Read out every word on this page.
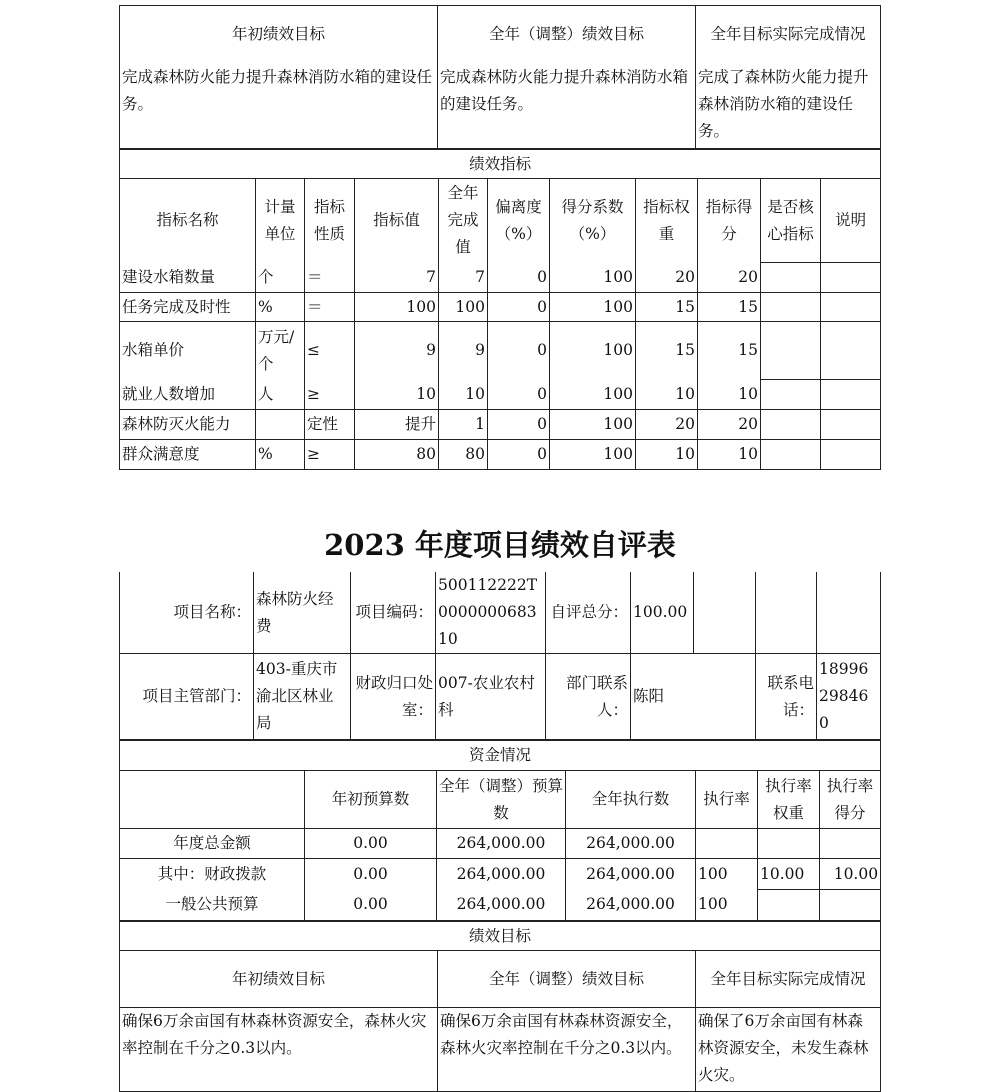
年初绩效目标	全年（调整）绩效目标	全年目标实际完成情况
完成森林防火能力提升森林消防水箱的建设任务。	完成森林防火能力提升森林消防水箱的建设任务。	完成了森林防火能力提升森林消防水箱的建设任务。
绩效指标										
指标名称	计量单位	指标性质	指标值	全年完成值	偏离度（%）	得分系数（%）	指标权重	指标得分	是否核心指标	说明
建设水箱数量	个	＝	7	7	0	100	20	20		
任务完成及时性	%	＝	100	100	0	100	15	15		
水箱单价	万元/个	≤	9	9	0	100	15	15		
就业人数增加	人	≥	10	10	0	100	10	10		
森林防灭火能力		定性	提升	1	0	100	20	20		
群众满意度	%	≥	80	80	0	100	10	10		
2023 年度项目绩效自评表
项目名称：	森林防火经费	项目编码：	500112222T000000068310	自评总分：	100.00			
项目主管部门：	403-重庆市渝北区林业局	财政归口处室：	007-农业农村科	部门联系人：	陈阳		联系电话：	18996298460
资金情况						
	年初预算数	全年（调整）预算数	全年执行数	执行率	执行率权重	执行率得分
年度总金额	0.00	264,000.00	264,000.00			
其中：财政拨款	0.00	264,000.00	264,000.00	100	10.00	10.00
一般公共预算	0.00	264,000.00	264,000.00	100		
绩效目标		
年初绩效目标	全年（调整）绩效目标	全年目标实际完成情况
确保6万余亩国有林森林资源安全，森林火灾率控制在千分之0.3以内。	确保6万余亩国有林森林资源安全，森林火灾率控制在千分之0.3以内。	确保了6万余亩国有林森林资源安全，未发生森林火灾。
